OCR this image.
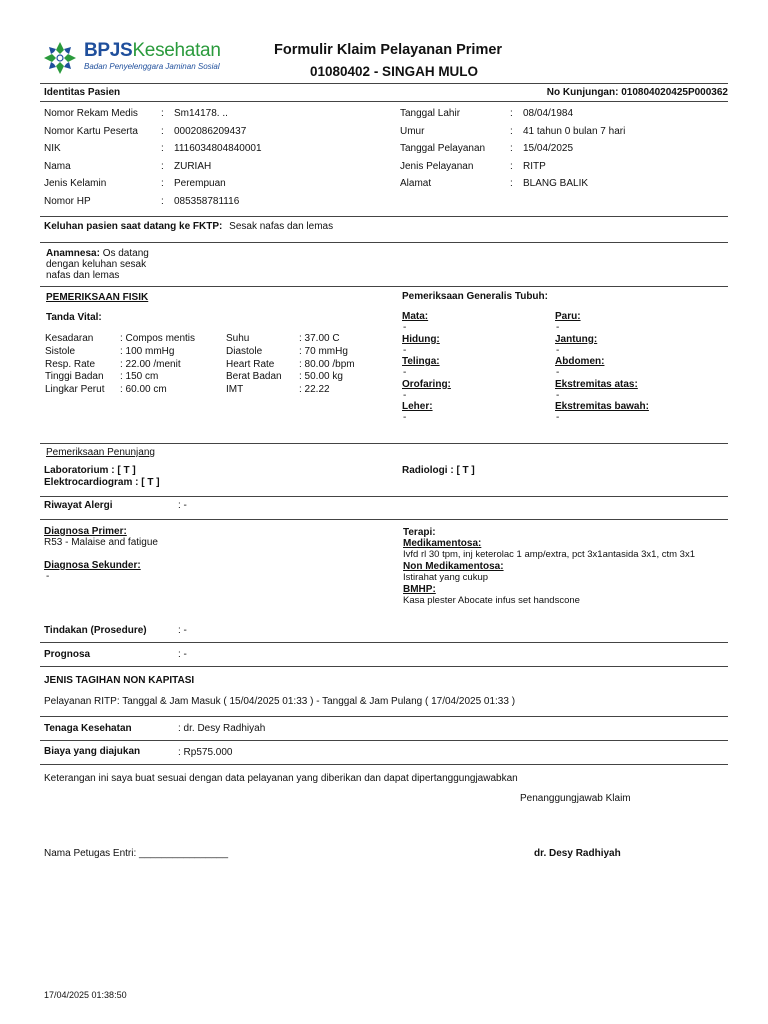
BPJSKesehatan
Badan Penyelenggara Jaminan Sosial
Formulir Klaim Pelayanan Primer
01080402 - SINGAH MULO
Identitas Pasien	No Kunjungan: 010804020425P000362
Nomor Rekam Medis : Sm14178. ..
Nomor Kartu Peserta : 0002086209437
NIK	: 1116034804840001
Nama	: ZURIAH
Jenis Kelamin	: Perempuan
Nomor HP	: 085358781116
Tanggal Lahir	: 08/04/1984
Umur	: 41 tahun 0 bulan 7 hari
Tanggal Pelayanan : 15/04/2025
Jenis Pelayanan	: RITP
Alamat	: BLANG BALIK
Keluhan pasien saat datang ke FKTP: Sesak nafas dan lemas
Anamnesa: Os datang
dengan keluhan sesak
nafas dan lemas
PEMERIKSAAN FISIK	Pemeriksaan Generalis Tubuh:
Tanda Vital:
Kesadaran	: Compos mentis
Sistole	: 100 mmHg
Resp. Rate : 22.00 /menit
Tinggi Badan : 150 cm
Lingkar Perut : 60.00 cm
Suhu	: 37.00 C
Diastole	: 70 mmHg
Heart Rate : 80.00 /bpm
Berat Badan : 50.00 kg
IMT	: 22.22
Mata:
-
Hidung:
-
Telinga:
-
Orofaring:
-
Leher:
-
Paru:
-
Jantung:
-
Abdomen:
-
Ekstremitas atas:
-
Ekstremitas bawah:
-
Pemeriksaan Penunjang
Laboratorium : [ T ]
Elektrocardiogram : [ T ]
Radiologi : [ T ]
Riwayat Alergi	: -
Diagnosa Primer:
R53 - Malaise and fatigue
Diagnosa Sekunder:
-
Terapi:
Medikamentosa:
Ivfd rl 30 tpm, inj keterolac 1 amp/extra, pct 3x1antasida 3x1, ctm 3x1
Non Medikamentosa:
Istirahat yang cukup
BMHP:
Kasa plester Abocate infus set handscone
Tindakan (Prosedure)	: -
Prognosa	: -
JENIS TAGIHAN NON KAPITASI
Pelayanan RITP: Tanggal & Jam Masuk ( 15/04/2025 01:33 ) - Tanggal & Jam Pulang ( 17/04/2025 01:33 )
Tenaga Kesehatan	: dr. Desy Radhiyah
Biaya yang diajukan	: Rp575.000
Keterangan ini saya buat sesuai dengan data pelayanan yang diberikan dan dapat dipertanggungjawabkan
Penanggungjawab Klaim
Nama Petugas Entri: ________________	dr. Desy Radhiyah
17/04/2025 01:38:50
